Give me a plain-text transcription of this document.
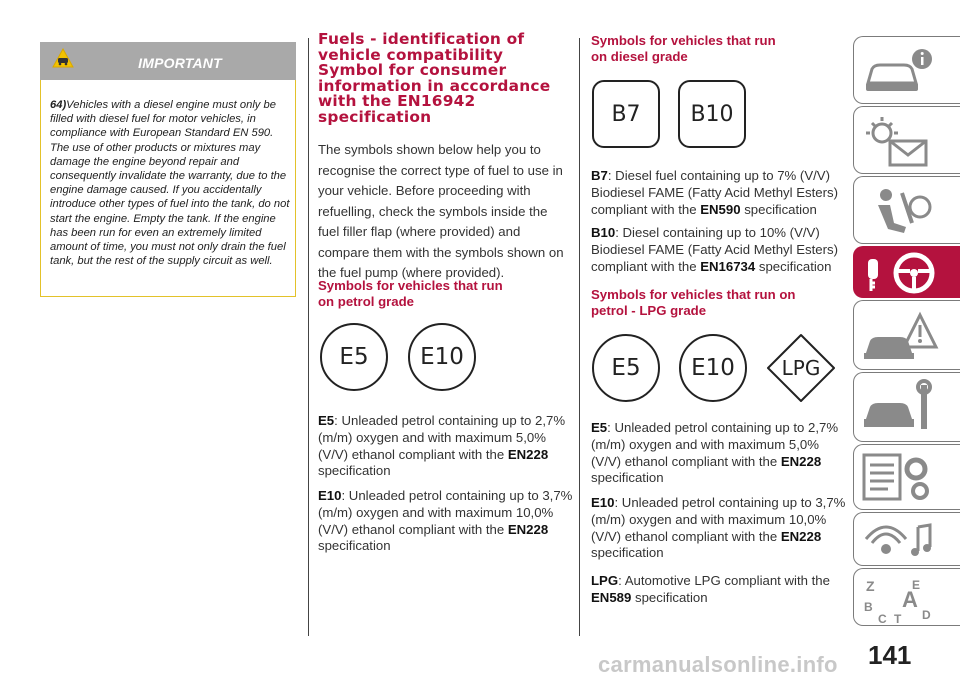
IMPORTANT
64)Vehicles with a diesel engine must only be filled with diesel fuel for motor vehicles, in compliance with European Standard EN 590. The use of other products or mixtures may damage the engine beyond repair and consequently invalidate the warranty, due to the engine damage caused. If you accidentally introduce other types of fuel into the tank, do not start the engine. Empty the tank. If the engine has been run for even an extremely limited amount of time, you must not only drain the fuel tank, but the rest of the supply circuit as well.
Fuels - identification of vehicle compatibility Symbol for consumer information in accordance with the EN16942 specification
The symbols shown below help you to recognise the correct type of fuel to use in your vehicle. Before proceeding with refuelling, check the symbols inside the fuel filler flap (where provided) and compare them with the symbols shown on the fuel pump (where provided).
Symbols for vehicles that run on petrol grade
E5	E10
E5: Unleaded petrol containing up to 2,7% (m/m) oxygen and with maximum 5,0% (V/V) ethanol compliant with the EN228 specification
E10: Unleaded petrol containing up to 3,7% (m/m) oxygen and with maximum 10,0% (V/V) ethanol compliant with the EN228 specification
Symbols for vehicles that run on diesel grade
B7	B10
B7: Diesel fuel containing up to 7% (V/V) Biodiesel FAME (Fatty Acid Methyl Esters) compliant with the EN590 specification
B10: Diesel containing up to 10% (V/V) Biodiesel FAME (Fatty Acid Methyl Esters) compliant with the EN16734 specification
Symbols for vehicles that run on petrol - LPG grade
E5	E10	LPG
E5: Unleaded petrol containing up to 2,7% (m/m) oxygen and with maximum 5,0% (V/V) ethanol compliant with the EN228 specification
E10: Unleaded petrol containing up to 3,7% (m/m) oxygen and with maximum 10,0% (V/V) ethanol compliant with the EN228 specification
LPG: Automotive LPG compliant with the EN589 specification
Z	E
A
B
C T D
carmanualsonline.info 141
